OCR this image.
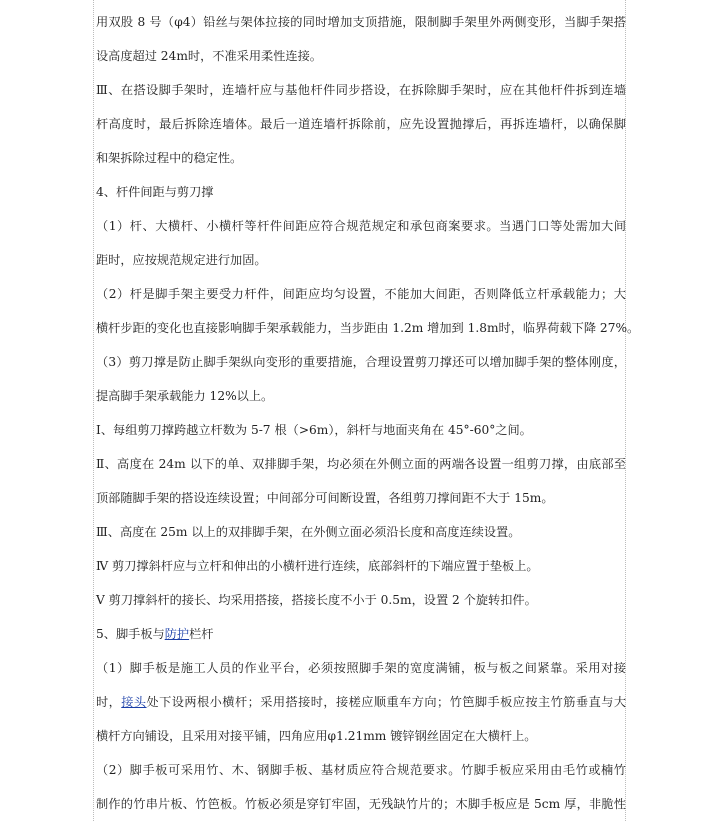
用双股 8 号（φ4）铅丝与架体拉接的同时增加支顶措施，限制脚手架里外两侧变形，当脚手架搭
设高度超过 24m时，不准采用柔性连接。
Ⅲ、在搭设脚手架时，连墙杆应与基他杆件同步搭设，在拆除脚手架时，应在其他杆件拆到连墙
杆高度时，最后拆除连墙体。最后一道连墙杆拆除前，应先设置抛撑后，再拆连墙杆，以确保脚
和架拆除过程中的稳定性。
4、杆件间距与剪刀撑
（1）杆、大横杆、小横杆等杆件间距应符合规范规定和承包商案要求。当遇门口等处需加大间
距时，应按规范规定进行加固。
（2）杆是脚手架主要受力杆件，间距应均匀设置，不能加大间距，否则降低立杆承载能力；大
横杆步距的变化也直接影响脚手架承载能力，当步距由 1.2m 增加到 1.8m时，临界荷载下降 27%。
（3）剪刀撑是防止脚手架纵向变形的重要措施，合理设置剪刀撑还可以增加脚手架的整体刚度，
提高脚手架承载能力 12%以上。
Ⅰ、每组剪刀撑跨越立杆数为 5-7 根（>6m），斜杆与地面夹角在 45°-60°之间。
Ⅱ、高度在 24m 以下的单、双排脚手架，均必须在外侧立面的两端各设置一组剪刀撑，由底部至
顶部随脚手架的搭设连续设置；中间部分可间断设置，各组剪刀撑间距不大于 15m。
Ⅲ、高度在 25m 以上的双排脚手架，在外侧立面必须沿长度和高度连续设置。
Ⅳ 剪刀撑斜杆应与立杆和伸出的小横杆进行连续，底部斜杆的下端应置于垫板上。
Ⅴ 剪刀撑斜杆的接长、均采用搭接，搭接长度不小于 0.5m，设置 2 个旋转扣件。
5、脚手板与防护栏杆
（1）脚手板是施工人员的作业平台，必须按照脚手架的宽度满铺，板与板之间紧靠。采用对接
时，接头处下设两根小横杆；采用搭接时，接槎应顺重车方向；竹笆脚手板应按主竹筋垂直与大
横杆方向铺设，且采用对接平铺，四角应用φ1.21mm 镀锌钢丝固定在大横杆上。
（2）脚手板可采用竹、木、钢脚手板、基材质应符合规范要求。竹脚手板应采用由毛竹或楠竹
制作的竹串片板、竹笆板。竹板必须是穿钉牢固，无残缺竹片的；木脚手板应是 5cm 厚，非脆性
